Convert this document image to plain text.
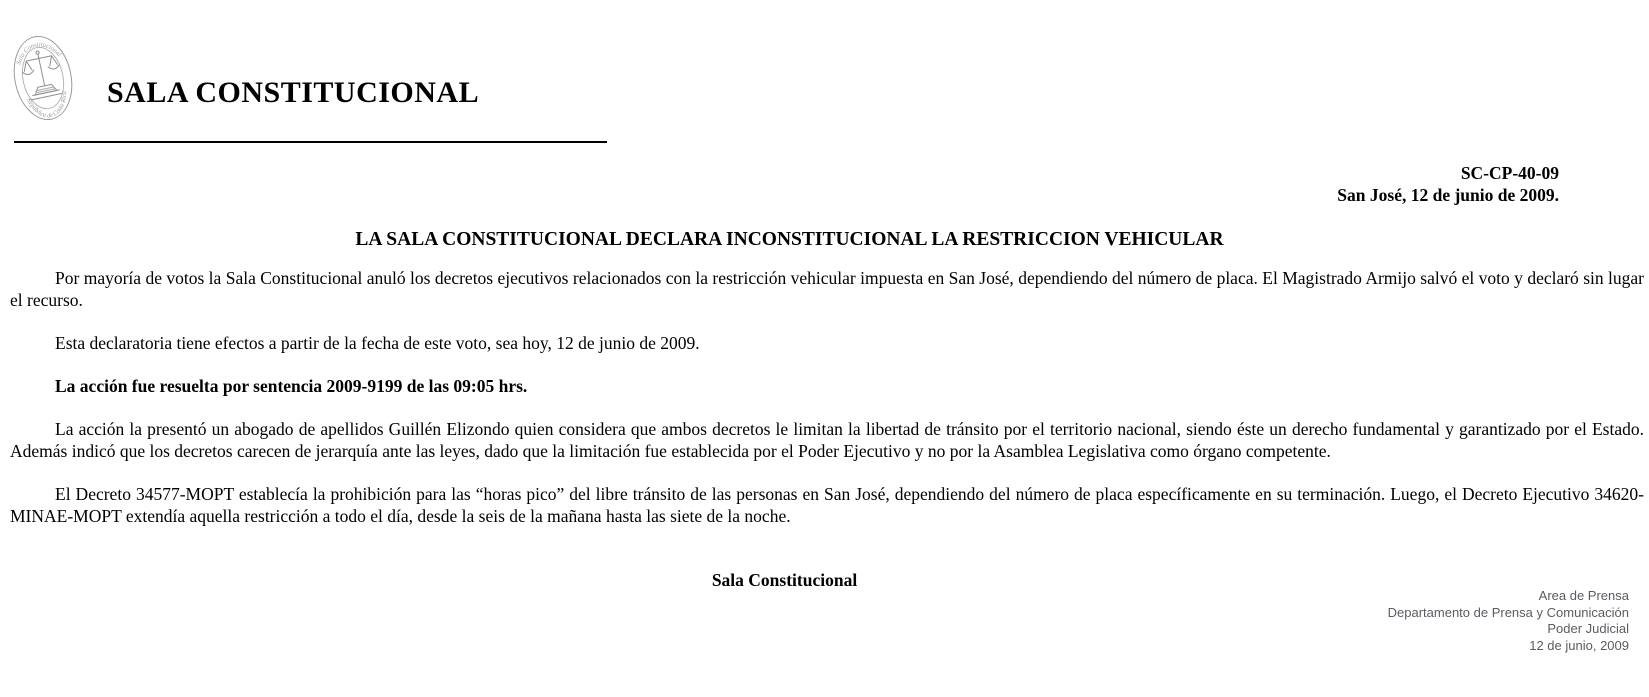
Sala Constitucional
República de Costa Rica SALA CONSTITUCIONAL
SC-CP-40-09
San José, 12 de junio de 2009.
LA SALA CONSTITUCIONAL DECLARA INCONSTITUCIONAL LA RESTRICCION VEHICULAR

Por mayoría de votos la Sala Constitucional anuló los decretos ejecutivos relacionados con la restricción vehicular impuesta en San José, dependiendo del número de placa. El Magistrado Armijo salvó el voto y declaró sin lugar el recurso.

Esta declaratoria tiene efectos a partir de la fecha de este voto, sea hoy, 12 de junio de 2009.

La acción fue resuelta por sentencia 2009-9199 de las 09:05 hrs.

La acción la presentó un abogado de apellidos Guillén Elizondo quien considera que ambos decretos le limitan la libertad de tránsito por el territorio nacional, siendo éste un derecho fundamental y garantizado por el Estado. Además indicó que los decretos carecen de jerarquía ante las leyes, dado que la limitación fue establecida por el Poder Ejecutivo y no por la Asamblea Legislativa como órgano competente.

El Decreto 34577-MOPT establecía la prohibición para las “horas pico” del libre tránsito de las personas en San José, dependiendo del número de placa específicamente en su terminación. Luego, el Decreto Ejecutivo 34620-MINAE-MOPT extendía aquella restricción a todo el día, desde la seis de la mañana hasta las siete de la noche.

Sala Constitucional
Area de Prensa
Departamento de Prensa y Comunicación
Poder Judicial
12 de junio, 2009
